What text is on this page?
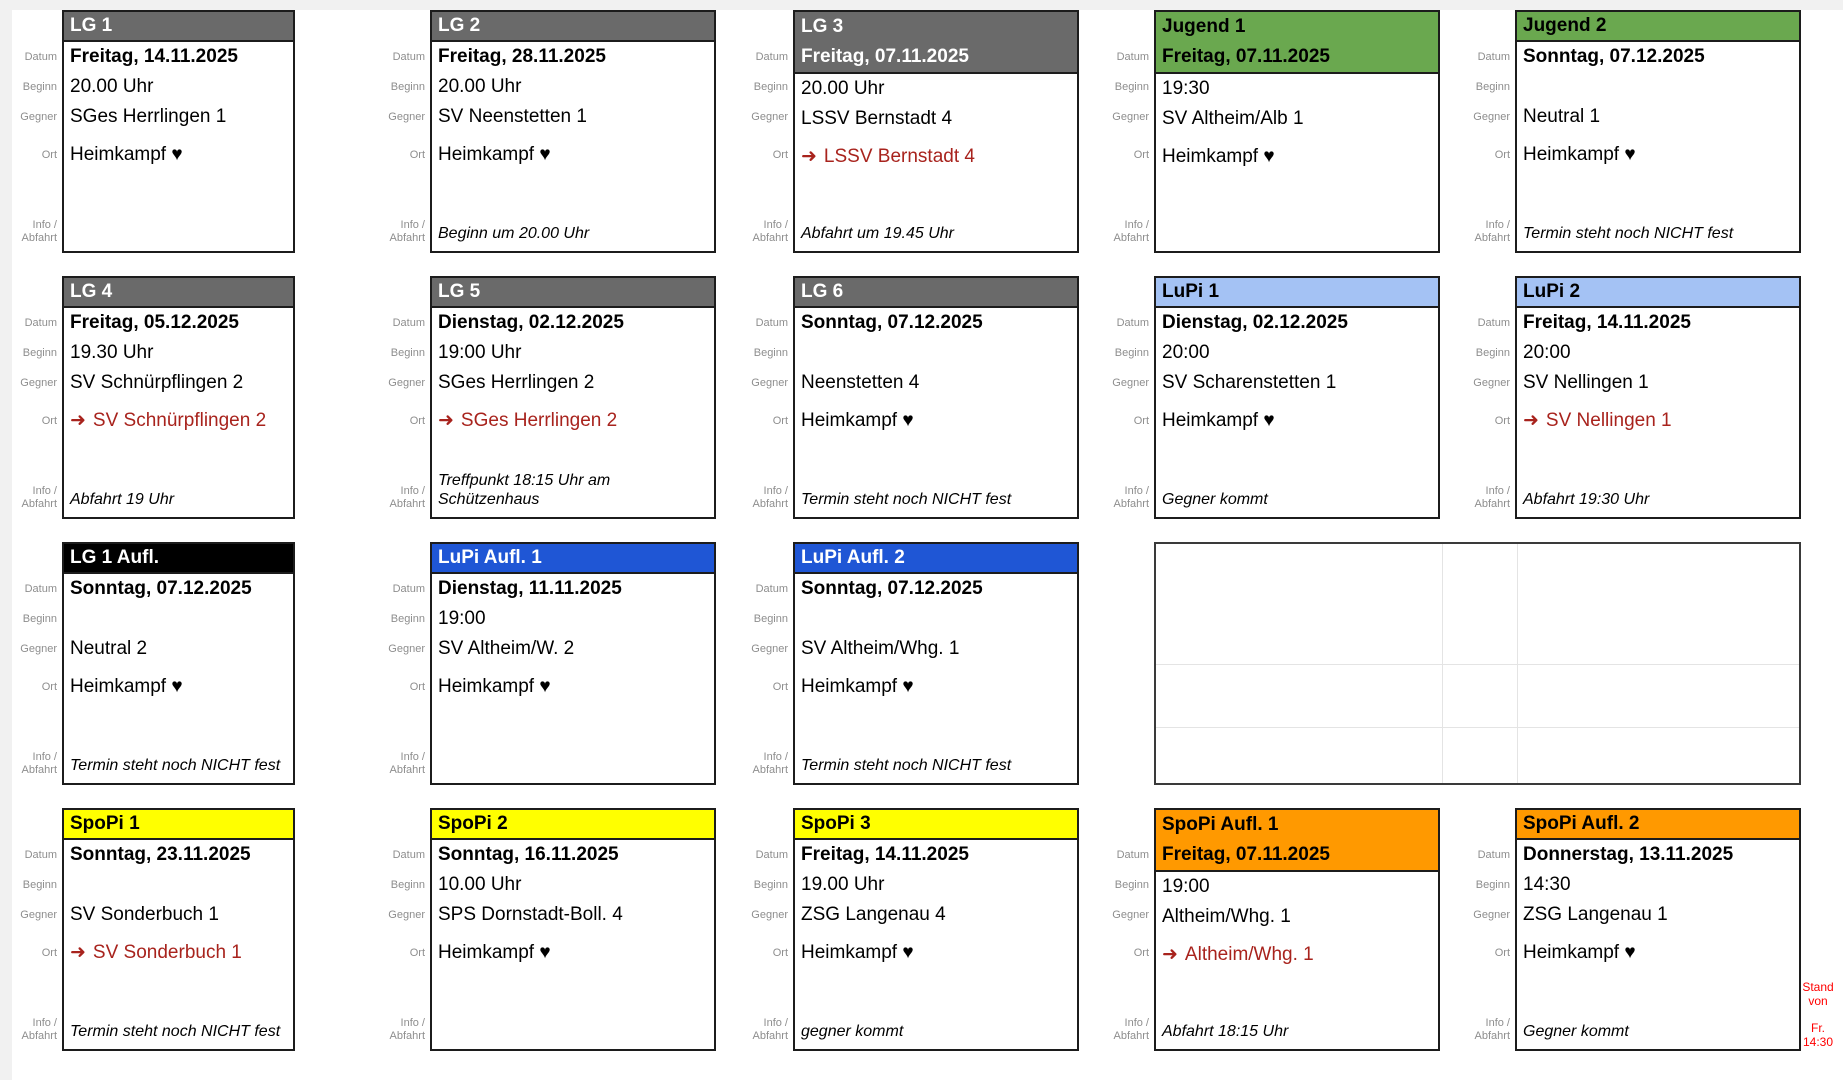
Stand von
Fr.
14:30
Datum
Beginn
Gegner
Ort
Info /
Abfahrt
LG 1
Freitag, 14.11.2025
20.00 Uhr
SGes Herrlingen 1
Heimkampf ♥
Datum
Beginn
Gegner
Ort
Info /
Abfahrt
LG 2
Freitag, 28.11.2025
20.00 Uhr
SV Neenstetten 1
Heimkampf ♥
Beginn um 20.00 Uhr
Datum
Beginn
Gegner
Ort
Info /
Abfahrt
LG 3
Freitag, 07.11.2025
20.00 Uhr
LSSV Bernstadt 4
➜ LSSV Bernstadt 4
Abfahrt um 19.45 Uhr
Datum
Beginn
Gegner
Ort
Info /
Abfahrt
Jugend 1
Freitag, 07.11.2025
19:30
SV Altheim/Alb 1
Heimkampf ♥
Datum
Beginn
Gegner
Ort
Info /
Abfahrt
Jugend 2
Sonntag, 07.12.2025
Neutral 1
Heimkampf ♥
Termin steht noch NICHT fest
Datum
Beginn
Gegner
Ort
Info /
Abfahrt
LG 4
Freitag, 05.12.2025
19.30 Uhr
SV Schnürpflingen 2
➜ SV Schnürpflingen 2
Abfahrt 19 Uhr
Datum
Beginn
Gegner
Ort
Info /
Abfahrt
LG 5
Dienstag, 02.12.2025
19:00 Uhr
SGes Herrlingen 2
➜ SGes Herrlingen 2
Treffpunkt 18:15 Uhr am Schützenhaus
Datum
Beginn
Gegner
Ort
Info /
Abfahrt
LG 6
Sonntag, 07.12.2025
Neenstetten 4
Heimkampf ♥
Termin steht noch NICHT fest
Datum
Beginn
Gegner
Ort
Info /
Abfahrt
LuPi 1
Dienstag, 02.12.2025
20:00
SV Scharenstetten 1
Heimkampf ♥
Gegner kommt
Datum
Beginn
Gegner
Ort
Info /
Abfahrt
LuPi 2
Freitag, 14.11.2025
20:00
SV Nellingen 1
➜ SV Nellingen 1
Abfahrt 19:30 Uhr
Datum
Beginn
Gegner
Ort
Info /
Abfahrt
LG 1 Aufl.
Sonntag, 07.12.2025
Neutral 2
Heimkampf ♥
Termin steht noch NICHT fest
Datum
Beginn
Gegner
Ort
Info /
Abfahrt
LuPi Aufl. 1
Dienstag, 11.11.2025
19:00
SV Altheim/W. 2
Heimkampf ♥
Datum
Beginn
Gegner
Ort
Info /
Abfahrt
LuPi Aufl. 2
Sonntag, 07.12.2025
SV Altheim/Whg. 1
Heimkampf ♥
Termin steht noch NICHT fest
Datum
Beginn
Gegner
Ort
Info /
Abfahrt
SpoPi 1
Sonntag, 23.11.2025
SV Sonderbuch 1
➜ SV Sonderbuch 1
Termin steht noch NICHT fest
Datum
Beginn
Gegner
Ort
Info /
Abfahrt
SpoPi 2
Sonntag, 16.11.2025
10.00 Uhr
SPS Dornstadt-Boll. 4
Heimkampf ♥
Datum
Beginn
Gegner
Ort
Info /
Abfahrt
SpoPi 3
Freitag, 14.11.2025
19.00 Uhr
ZSG Langenau 4
Heimkampf ♥
gegner kommt
Datum
Beginn
Gegner
Ort
Info /
Abfahrt
SpoPi Aufl. 1
Freitag, 07.11.2025
19:00
Altheim/Whg. 1
➜ Altheim/Whg. 1
Abfahrt 18:15 Uhr
Datum
Beginn
Gegner
Ort
Info /
Abfahrt
SpoPi Aufl. 2
Donnerstag, 13.11.2025
14:30
ZSG Langenau 1
Heimkampf ♥
Gegner kommt
